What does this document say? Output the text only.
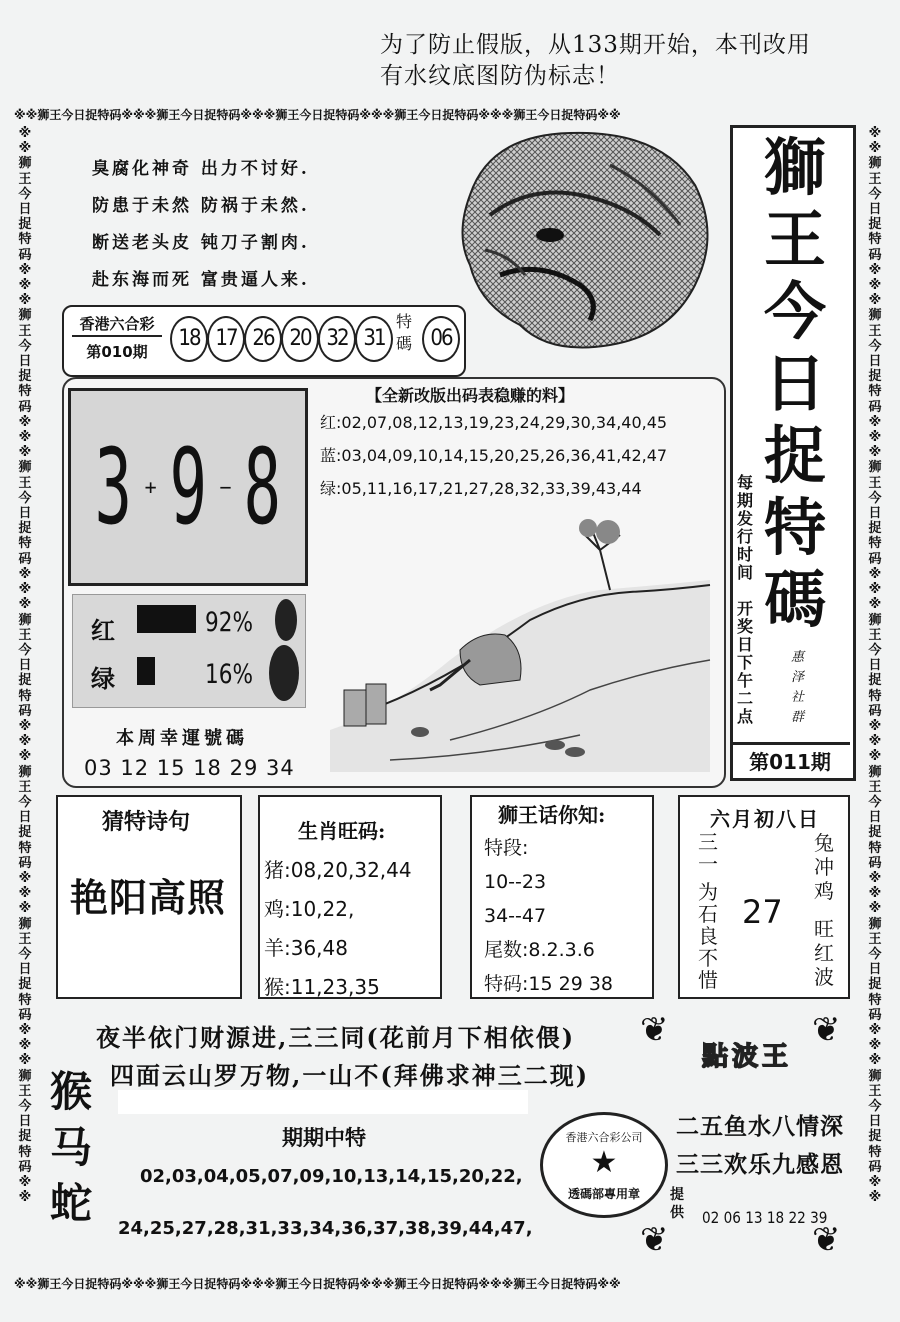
为了防止假版，从133期开始，本刊改用
有水纹底图防伪标志！
※※狮王今日捉特码※※※狮王今日捉特码※※※狮王今日捉特码※※※狮王今日捉特码※※※狮王今日捉特码※※
※※狮王今日捉特码※※※狮王今日捉特码※※※狮王今日捉特码※※※狮王今日捉特码※※※狮王今日捉特码※※
※※狮王今日捉特码※※※狮王今日捉特码※※※狮王今日捉特码※※※狮王今日捉特码※※※狮王今日捉特码※※※狮王今日捉特码※※※狮王今日捉特码※※
※※狮王今日捉特码※※※狮王今日捉特码※※※狮王今日捉特码※※※狮王今日捉特码※※※狮王今日捉特码※※※狮王今日捉特码※※※狮王今日捉特码※※
臭腐化神奇 出力不讨好.
防患于未然 防祸于未然.
断送老头皮 钝刀子割肉.
赴东海而死 富贵逼人来.
香港六合彩
第010期
18 17 26 20 32 31
特碼 06
3 + 9 − 8
红	92%
绿	16%
本周幸運號碼
03 12 15 18 29 34
【全新改版出码表稳赚的料】
红:02,07,08,12,13,19,23,24,29,30,34,40,45
蓝:03,04,09,10,14,15,20,25,26,36,41,42,47
绿:05,11,16,17,21,27,28,32,33,39,43,44
獅
王
今
日
捉
特
碼
每期发行时间
开奖日下午二点
惠
泽
社
群
第011期
猜特诗句
艳阳高照
生肖旺码:
猪:08,20,32,44
鸡:10,22,
羊:36,48
猴:11,23,35
狮王话你知:
特段:
10--23
34--47
尾数:8.2.3.6
特码:15 29 38
六月初八日
三一
为石良不惜
27
兔冲鸡
旺红波
夜半依门财源进,三三同(花前月下相依偎)
四面云山罗万物,一山不(拜佛求神三二现)
猴
马
蛇
期期中特
02,03,04,05,07,09,10,13,14,15,20,22,
24,25,27,28,31,33,34,36,37,38,39,44,47,
香港六合彩公司
★
透碼部專用章	提供
❦	❦
❦	❦
點波王
二五鱼水八情深
三三欢乐九感恩
02 06 13 18 22 39
